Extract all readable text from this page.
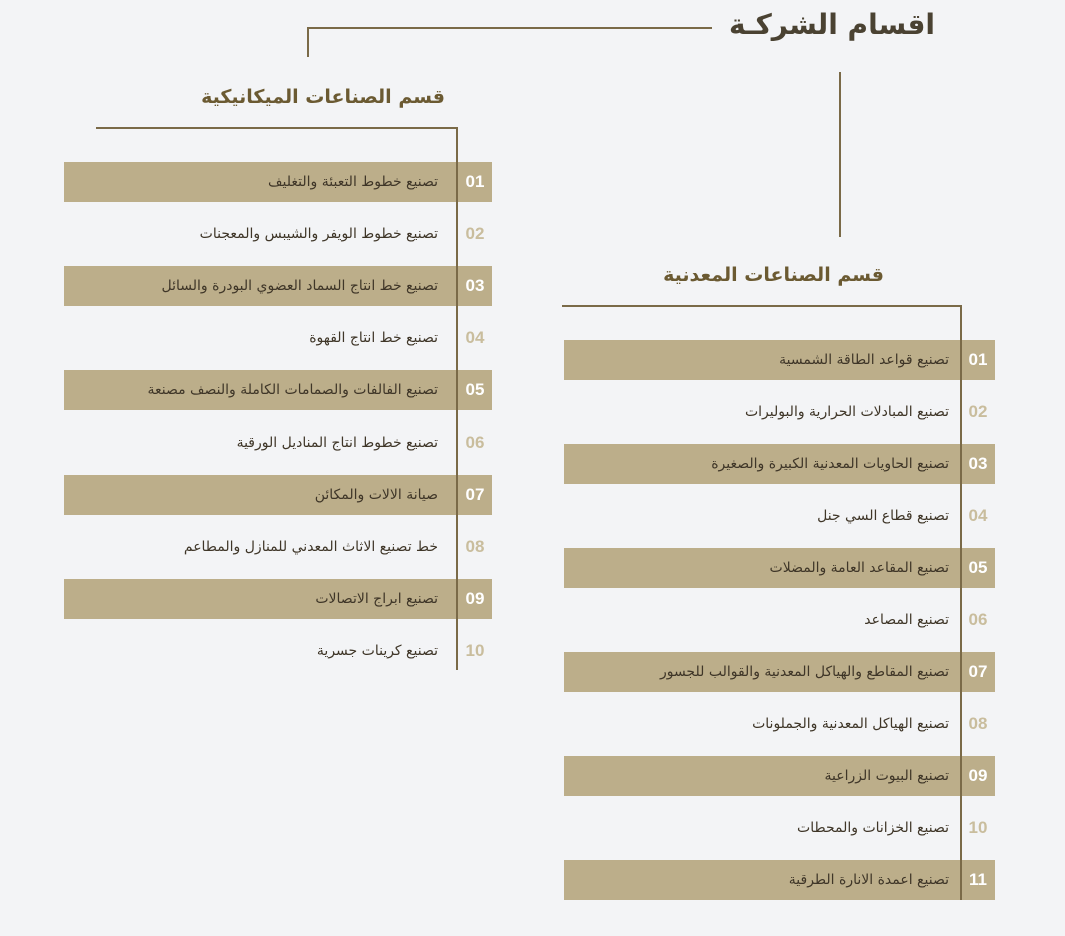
اقسام الشركـة
قسم الصناعات الميكانيكية
قسم الصناعات المعدنية
01
تصنيع خطوط التعبئة والتغليف
02
تصنيع خطوط الويفر والشيبس والمعجنات
03
تصنيع خط انتاج السماد العضوي البودرة والسائل
04
تصنيع خط انتاج القهوة
05
تصنيع الفالفات والصمامات الكاملة والنصف مصنعة
06
تصنيع خطوط انتاج المناديل الورقية
07
صيانة الالات والمكائن
08
خط تصنيع الاثاث المعدني للمنازل والمطاعم
09
تصنيع ابراج الاتصالات
10
تصنيع كرينات جسرية
01
تصنيع قواعد الطاقة الشمسية
02
تصنيع المبادلات الحرارية والبوليرات
03
تصنيع الحاويات المعدنية الكبيرة والصغيرة
04
تصنيع قطاع السي جنل
05
تصنيع المقاعد العامة والمضلات
06
تصنيع المصاعد
07
تصنيع المقاطع والهياكل المعدنية والقوالب للجسور
08
تصنيع الهياكل المعدنية والجملونات
09
تصنيع البيوت الزراعية
10
تصنيع الخزانات والمحطات
11
تصنيع اعمدة الانارة الطرقية
